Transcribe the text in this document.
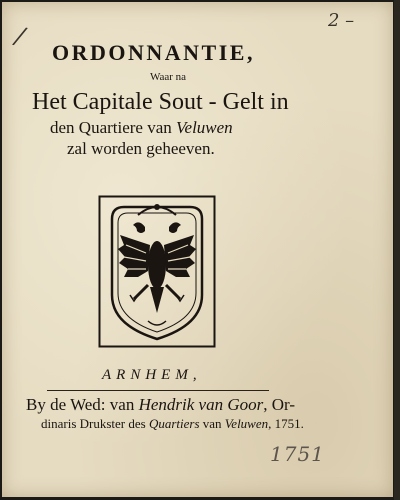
/
2 –
ORDONNANTIE,
Waar na
Het Capitale Sout - Gelt in
den Quartiere van Veluwen
zal worden geheeven.
ARNHEM,
By de Wed: van Hendrik van Goor, Or-
dinaris Drukster des Quartiers van Veluwen, 1751.
1751
